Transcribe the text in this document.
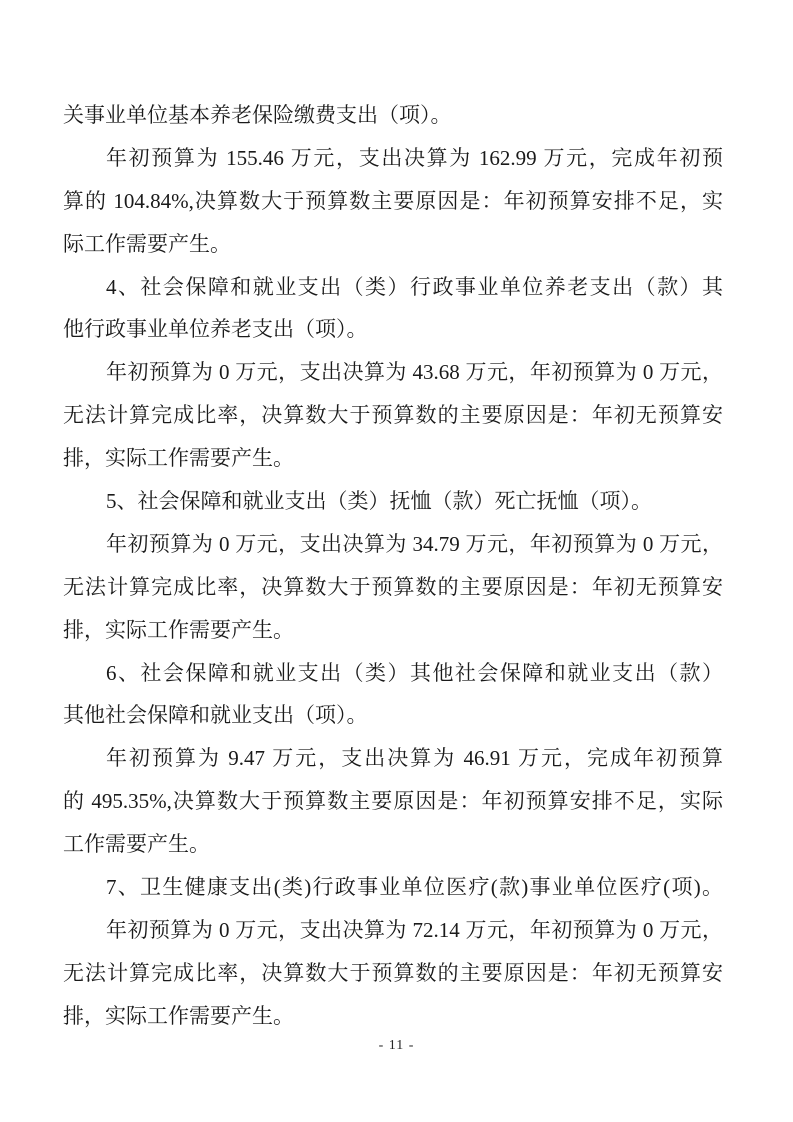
关事业单位基本养老保险缴费支出（项）。
年初预算为 155.46 万元，支出决算为 162.99 万元，完成年初预
算的 104.84%,决算数大于预算数主要原因是：年初预算安排不足，实
际工作需要产生。
4、社会保障和就业支出（类）行政事业单位养老支出（款）其
他行政事业单位养老支出（项）。
年初预算为 0 万元，支出决算为 43.68 万元，年初预算为 0 万元，
无法计算完成比率，决算数大于预算数的主要原因是：年初无预算安
排，实际工作需要产生。
5、社会保障和就业支出（类）抚恤（款）死亡抚恤（项）。
年初预算为 0 万元，支出决算为 34.79 万元，年初预算为 0 万元，
无法计算完成比率，决算数大于预算数的主要原因是：年初无预算安
排，实际工作需要产生。
6、社会保障和就业支出（类）其他社会保障和就业支出（款）
其他社会保障和就业支出（项）。
年初预算为 9.47 万元，支出决算为 46.91 万元，完成年初预算
的 495.35%,决算数大于预算数主要原因是：年初预算安排不足，实际
工作需要产生。
7、卫生健康支出(类)行政事业单位医疗(款)事业单位医疗(项)。
年初预算为 0 万元，支出决算为 72.14 万元，年初预算为 0 万元，
无法计算完成比率，决算数大于预算数的主要原因是：年初无预算安
排，实际工作需要产生。
- 11 -
